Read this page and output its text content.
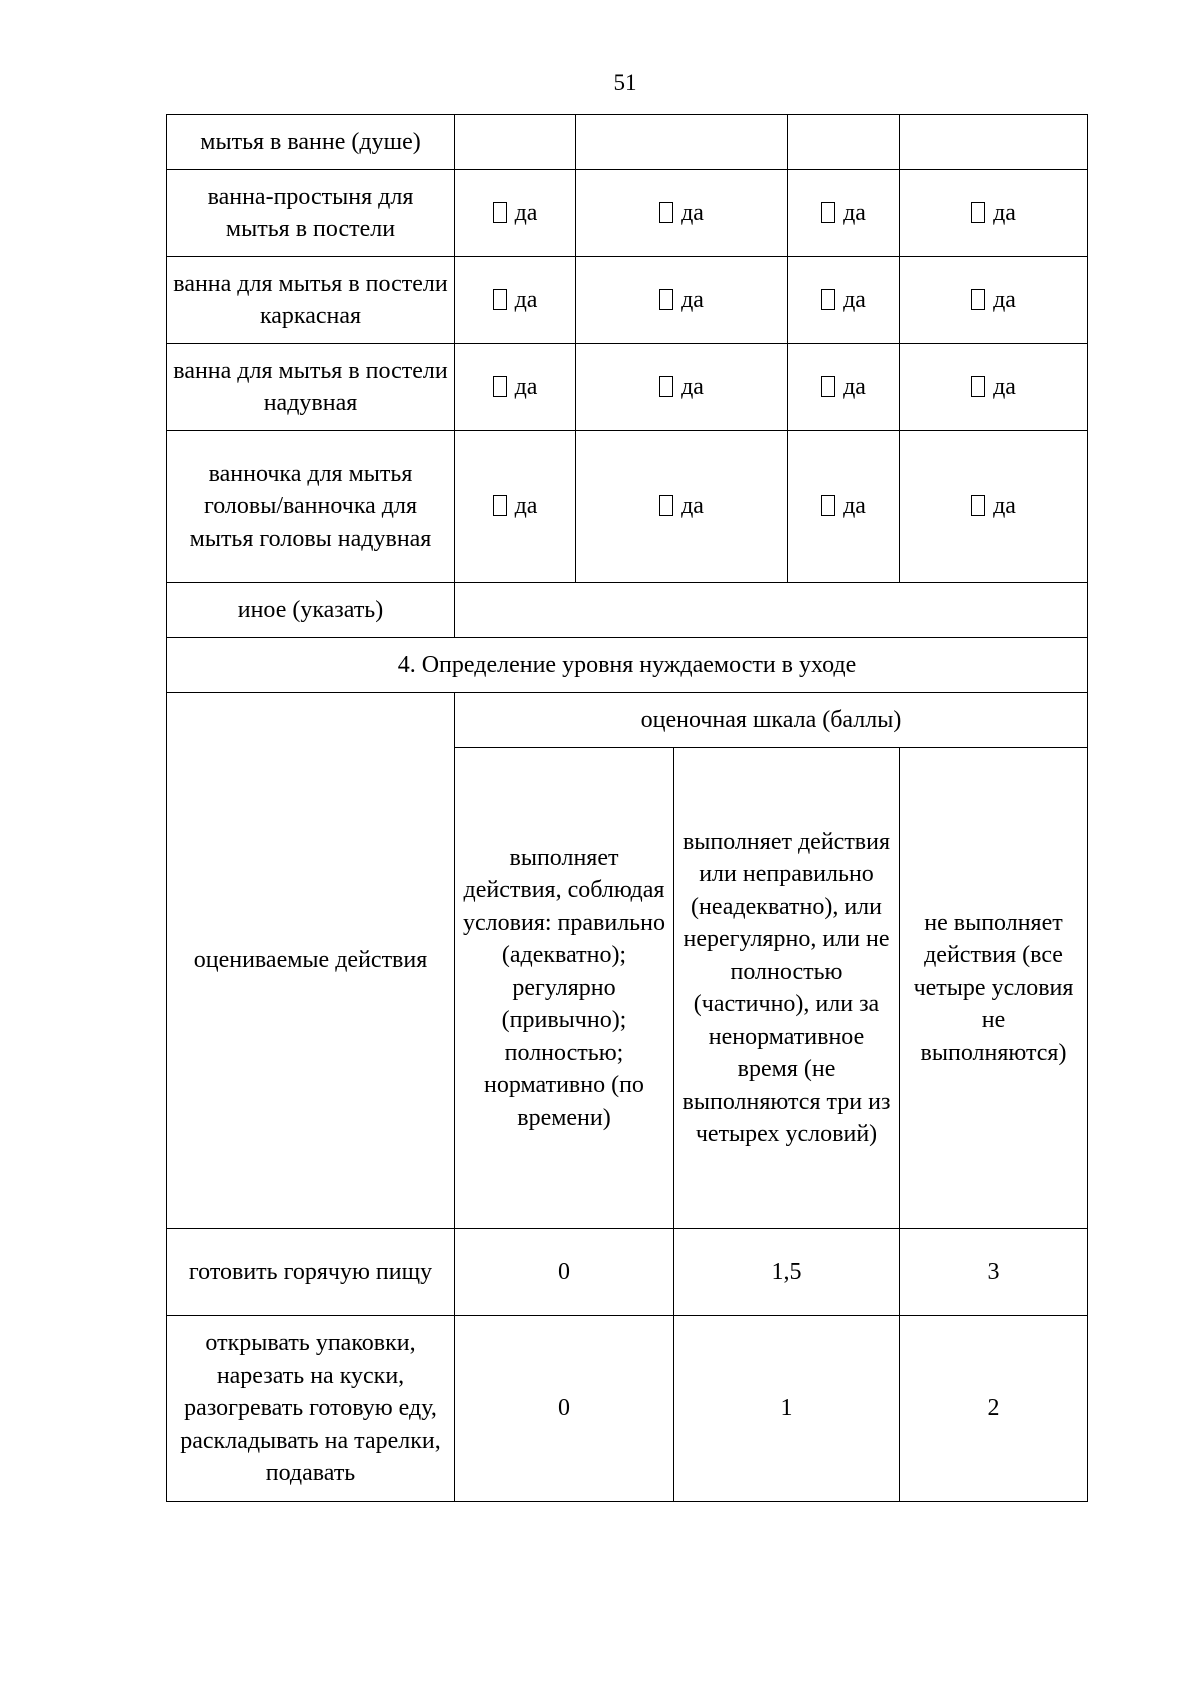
51
мытья в ванне (душе)					
ванна-простыня для мытья в постели	да	да		да	да
ванна для мытья в постели каркасная	да	да		да	да
ванна для мытья в постели надувная	да	да		да	да
ванночка для мытья головы/ванночка для мытья головы надувная	да	да		да	да
иное (указать)					
4. Определение уровня нуждаемости в уходе					
оцениваемые действия	оценочная шкала (баллы)				
	выполняет действия, соблюдая условия: правильно (адекватно); регулярно (привычно); полностью; нормативно (по времени)		выполняет действия или неправильно (неадекватно), или нерегулярно, или не полностью (частично), или за ненормативное время (не выполняются три из четырех условий)		не выполняет действия (все четыре условия не выполняются)
готовить горячую пищу	0		1,5		3
открывать упаковки, нарезать на куски, разогревать готовую еду, раскладывать на тарелки, подавать	0		1		2
